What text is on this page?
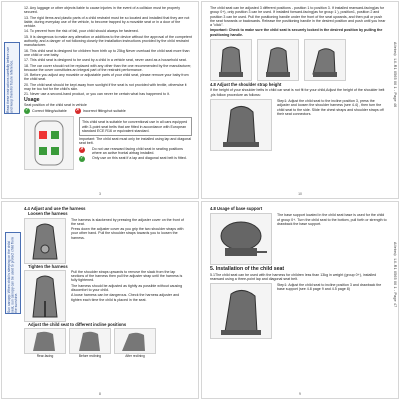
Read these instructions carefully before use and keep them for future reference.
12. Any luggage or other objects liable to cause injuries in the event of a collision must be properly secured.
13. The rigid items and plastic parts of a child restraint must be so located and installed that they are not liable, during everyday use of the vehicle, to become trapped by a movable seat or in a door of the vehicle.
14. To prevent from the risk of fall, your child should always be fastened.
15. It is dangerous to make any alteration or additions to the device without the approval of the competent authority, and a danger of not following closely the installation instructions provided by the child restraint manufacturer.
16. This child seat is designed for children from birth up to 25kg Never overload the child seat more than one child or one baby.
17. This child seat is designed to be used by a child in a vehicle seat, never used as a household seat.
18. The car cover should not be replaced with any other than the one recommended by the manufacturer, because the cover constitutes an integral part of the restraint performance.
19. Before you adjust any movable or adjustable parts of your child seat, please remove your baby from the child seat.
20. The child seat should be kept away from sunlight if the seat is not provided with textile, otherwise it may be too hot for the child's skin.
21. Never use a second-hand product, or you can never be certain what has happened to it.
Usage
Seat position of the child seat in vehicle
✓ Correct fitting/suitable ✗ Incorrect fitting/not suitable
This child seat is suitable for conventional use in all cars equipped with 3-point seat belts that are fitted in accordance with European standard ECE R16 or equivalent standard.
Important: The child seat must only be installed using lap and diagonal seat belt.
✗ Do not use rearward facing child seat in seating positions where an active frontal airbag installed.
✓ Only use on this seat if a lap and diagonal seat belt is fitted.
3
The child seat can be adjusted 3 different positions - position 1 to position 3. If installed rearward-facing(as for group 0+), only position 3 can be used. If installed forward-facing(as for group 1 ), position1, position 2 and position 3 can be used. Pull the positioning handle under the front of the seat upwards, and then pull or push the seat forwards or backwards. Release the positioning handle in the desired position and push until you hear a "click".
Important: Check to make sure the child seat is securely locked in the desired position by pulling the positioning handle.
4.8 Adjust the shoulder strap height
If the height of your shoulder belts in child car seat is not fit for your child,Adjust the height of the shoulder belt ,pls follow procedure as follows:
Step1: Adjust the child seat to the incline position 3, press the adjuster and loosen the shoulder harness (see 4.4) , then turn the child seat to the side. Slide the chest straps and shoulder straps off their seat connectors.
Ailebe® LX-R1 0565 00 1 - Page 46
10
Sun canopy: When child is sleeping on the child seat, sun canopy can be used to protect child from the sunshine.
4.4 Adjust and use the harness
Loosen the harness
The harness is slackened by pressing the adjuster cover on the front of the seat.
Press down the adjuster cover as you grip the two shoulder straps with your other hand. Pull the shoulder straps towards you to loosen the harness.
Tighten the harness
Pull the shoulder straps upwards to remove the slack from the lap sections of the harness then pull the adjuster strap until the harness is fully tightened.
The harness should be adjusted as tightly as possible without causing discomfort to your child.
A loose harness can be dangerous. Check the harness adjuster and tighten each time the child is placed in the seat.
Adjust the child seat to different incline positions
Rear-facing	Before reclining	After reclining
8
4.8 Usage of base support
The base support located in the child seat base is used for the child of group 0+. Turn the child seat to the bottom, pull forth or strength to drawback the base support.
5. Installation of the child seat
5.1The child seat can be used with the harness for children less than 13kg in weight (group 0+), installed rearward using a three-point lap and diagonal seat belt.
Step1: Adjust the child seat to incline position 3 and drawback the base support (see 4.8 page 9 and 4.5 page 8)	Ailebe® LX-R1 0565 00 1 - Page 47
9
